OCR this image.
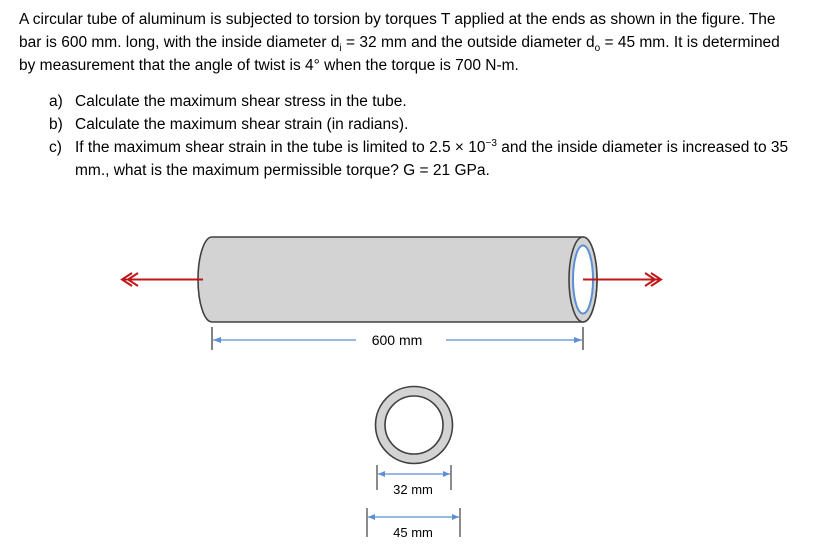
A circular tube of aluminum is subjected to torsion by torques T applied at the ends as shown in the figure. The bar is 600 mm. long, with the inside diameter $d_i = 32$ mm and the outside diameter $d_o = 45$ mm. It is determined by measurement that the angle of twist is 4° when the torque is 700 N-m.

a) Calculate the maximum shear stress in the tube.
b) Calculate the maximum shear strain (in radians).
c) If the maximum shear strain in the tube is limited to $2.5 \times 10^{-3}$ and the inside diameter is increased to 35 mm., what is the maximum permissible torque? G = 21 GPa.
600 mm
32 mm
45 mm
